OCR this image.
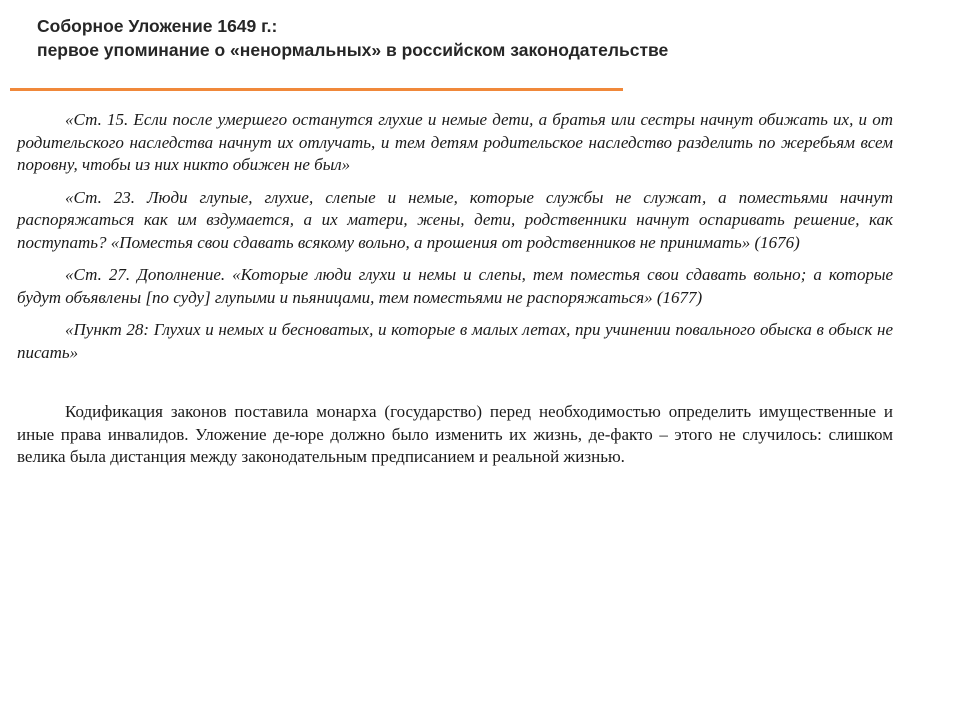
Соборное Уложение 1649 г.:
первое упоминание о «ненормальных» в российском законодательстве

«Ст. 15. Если после умершего останутся глухие и немые дети, а братья или сестры начнут обижать их, и от родительского наследства начнут их отлучать, и тем детям родительское наследство разделить по жеребьям всем поровну, чтобы из них никто обижен не был»

«Ст. 23. Люди глупые, глухие, слепые и немые, которые службы не служат, а поместьями начнут распоряжаться как им вздумается, а их матери, жены, дети, родственники начнут оспаривать решение, как поступать? «Поместья свои сдавать всякому вольно, а прошения от родственников не принимать» (1676)

«Ст. 27. Дополнение. «Которые люди глухи и немы и слепы, тем поместья свои сдавать вольно; а которые будут объявлены [по суду] глупыми и пьяницами, тем поместьями не распоряжаться» (1677)

«Пункт 28: Глухих и немых и бесноватых, и которые в малых летах, при учинении повального обыска в обыск не писать»

Кодификация законов поставила монарха (государство) перед необходимостью определить имущественные и иные права инвалидов. Уложение де-юре должно было изменить их жизнь, де-факто – этого не случилось: слишком велика была дистанция между законодательным предписанием и реальной жизнью.
